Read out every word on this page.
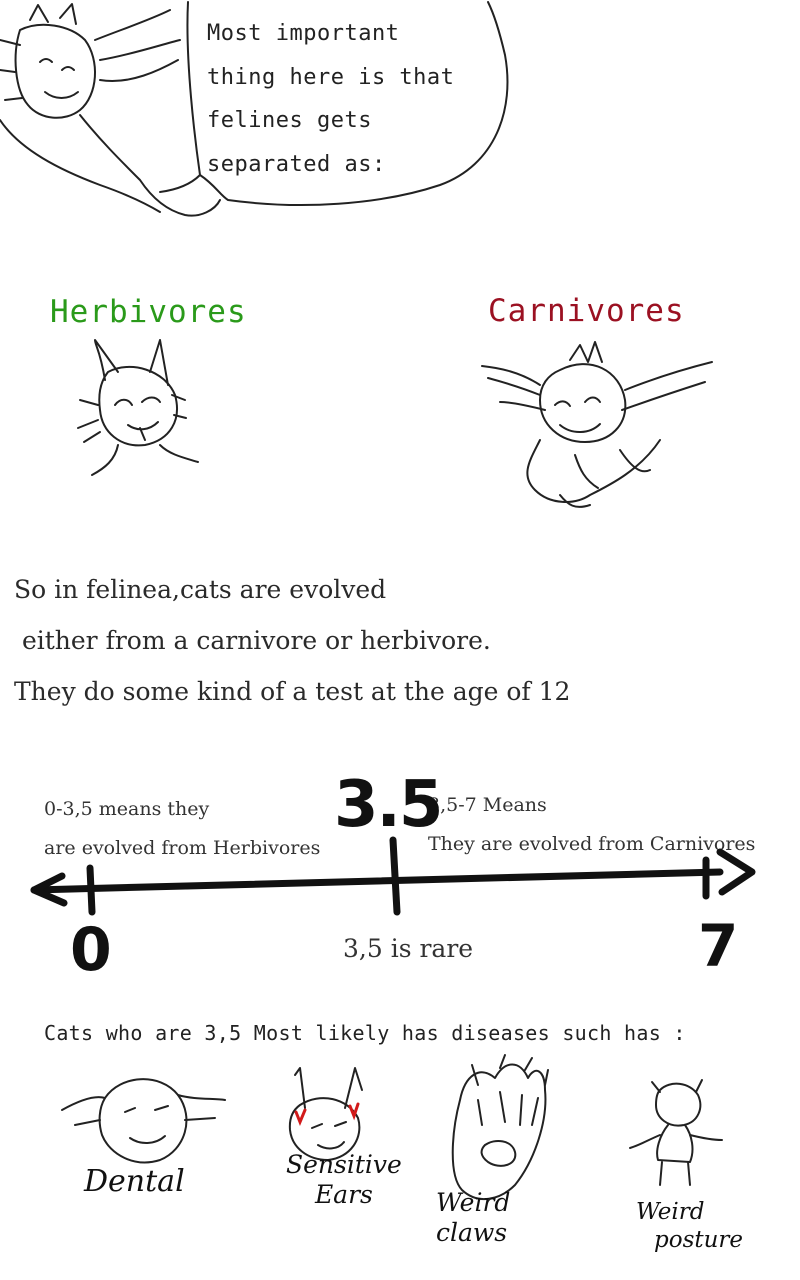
Most important
thing here is that
felines gets
separated as:
Herbivores	Carnivores
So in felinea,cats are evolved
either from a carnivore or herbivore.
They do some kind of a test at the age of 12
0-3,5 means they
are evolved from Herbivores
3,5-7 Means
They are evolved from Carnivores
3.5
0	7
3,5 is rare
Cats who are 3,5 Most likely has diseases such has :
Dental	Sensitive
Ears	Weird
claws
Weird
posture
